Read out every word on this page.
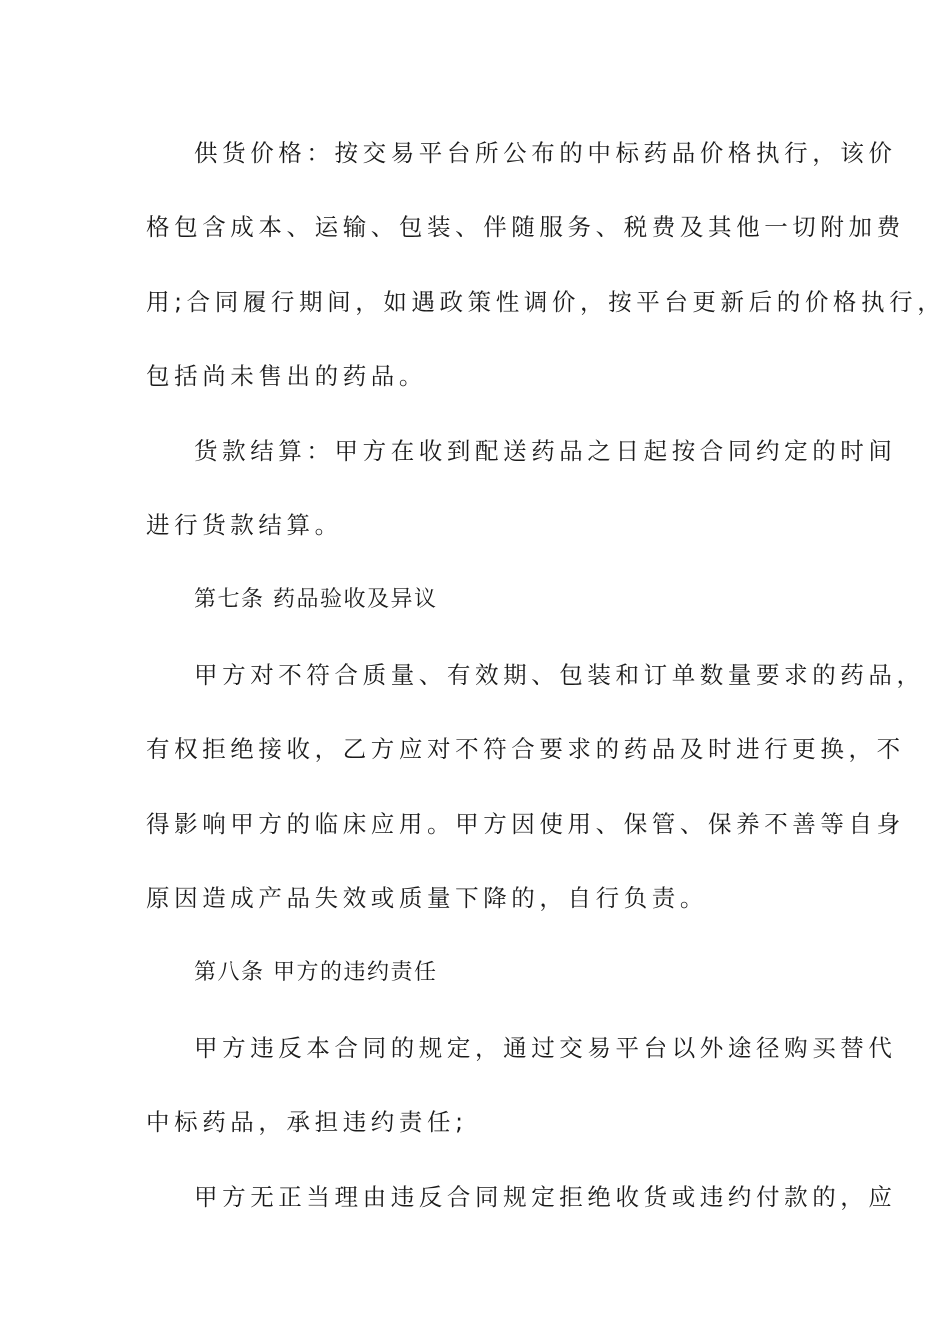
供货价格：按交易平台所公布的中标药品价格执行，该价
格包含成本、运输、包装、伴随服务、税费及其他一切附加费
用;合同履行期间，如遇政策性调价，按平台更新后的价格执行，
包括尚未售出的药品。
货款结算：甲方在收到配送药品之日起按合同约定的时间
进行货款结算。
第七条 药品验收及异议
甲方对不符合质量、有效期、包装和订单数量要求的药品，
有权拒绝接收，乙方应对不符合要求的药品及时进行更换，不
得影响甲方的临床应用。甲方因使用、保管、保养不善等自身
原因造成产品失效或质量下降的，自行负责。
第八条 甲方的违约责任
甲方违反本合同的规定，通过交易平台以外途径购买替代
中标药品，承担违约责任;
甲方无正当理由违反合同规定拒绝收货或违约付款的，应
